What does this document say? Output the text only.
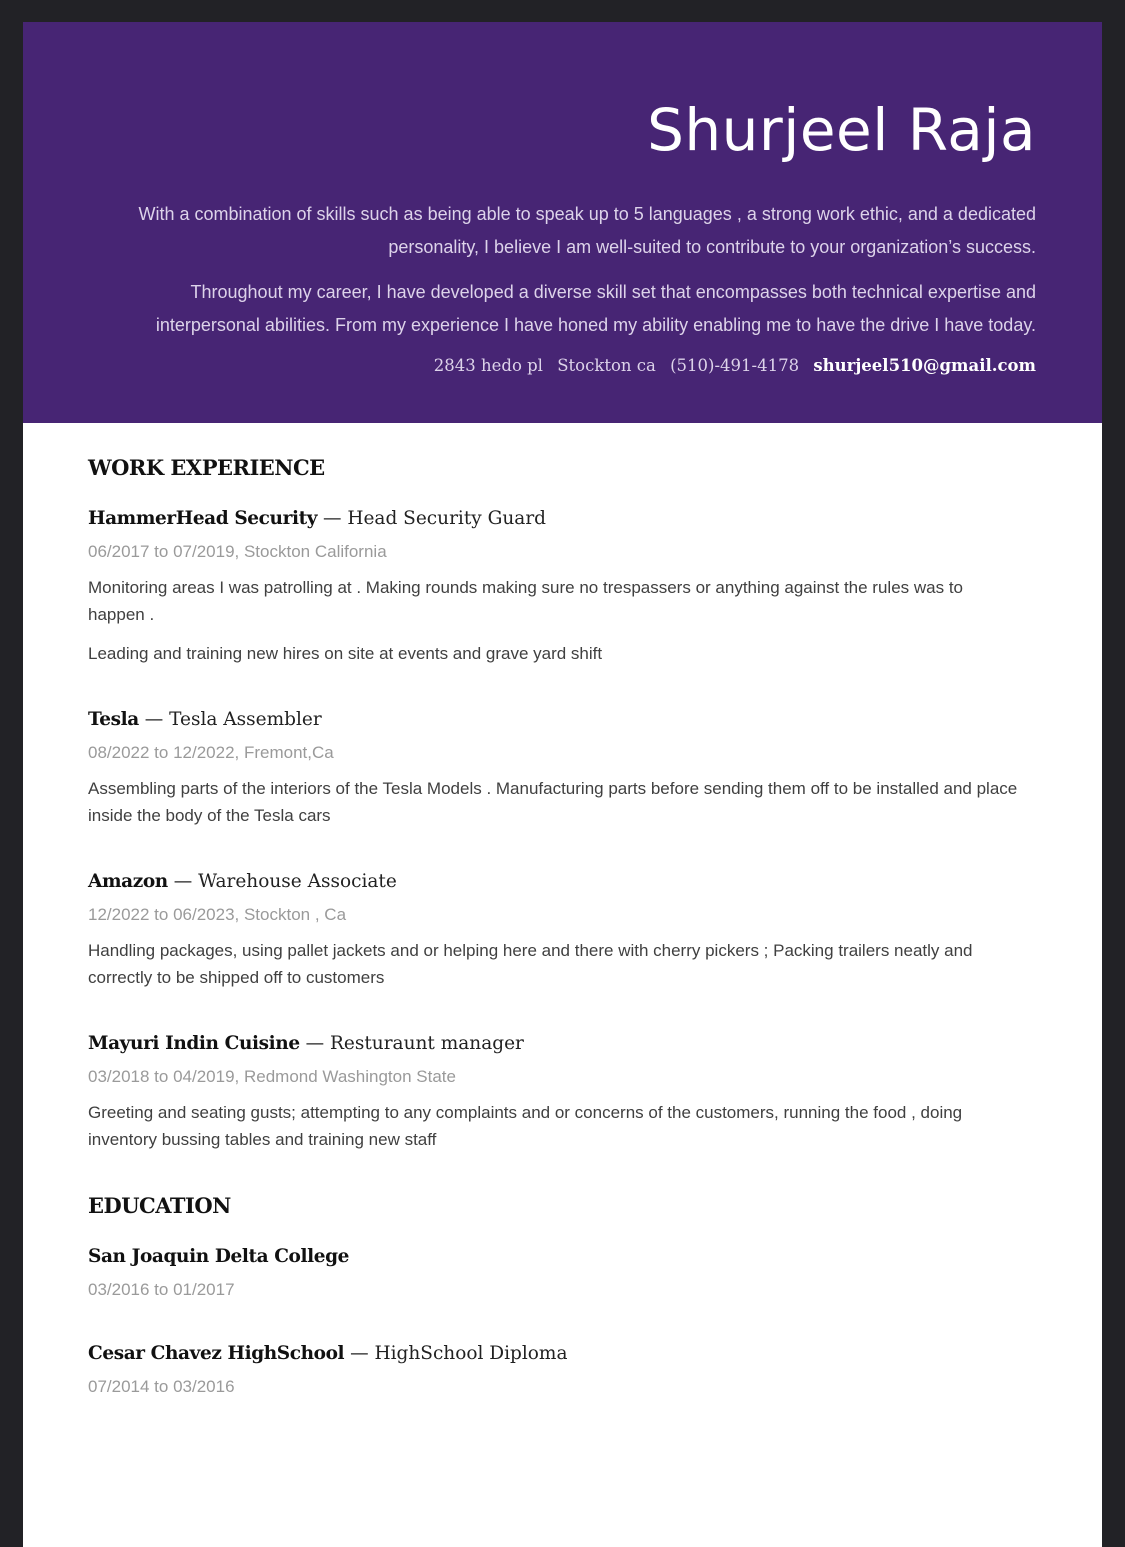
Shurjeel Raja

With a combination of skills such as being able to speak up to 5 languages , a strong work ethic, and a dedicated personality, I believe I am well-suited to contribute to your organization’s success.

Throughout my career, I have developed a diverse skill set that encompasses both technical expertise and interpersonal abilities. From my experience I have honed my ability enabling me to have the drive I have today.

2843 hedo pl Stockton ca (510)-491-4178 shurjeel510@gmail.com
WORK EXPERIENCE
HammerHead Security — Head Security Guard
06/2017 to 07/2019, Stockton California
Monitoring areas I was patrolling at . Making rounds making sure no trespassers or anything against the rules was to happen .
Leading and training new hires on site at events and grave yard shift
Tesla — Tesla Assembler
08/2022 to 12/2022, Fremont,Ca
Assembling parts of the interiors of the Tesla Models . Manufacturing parts before sending them off to be installed and place inside the body of the Tesla cars
Amazon — Warehouse Associate
12/2022 to 06/2023, Stockton , Ca
Handling packages, using pallet jackets and or helping here and there with cherry pickers ; Packing trailers neatly and correctly to be shipped off to customers
Mayuri Indin Cuisine — Resturaunt manager
03/2018 to 04/2019, Redmond Washington State
Greeting and seating gusts; attempting to any complaints and or concerns of the customers, running the food , doing inventory bussing tables and training new staff
EDUCATION
San Joaquin Delta College
03/2016 to 01/2017
Cesar Chavez HighSchool — HighSchool Diploma
07/2014 to 03/2016
